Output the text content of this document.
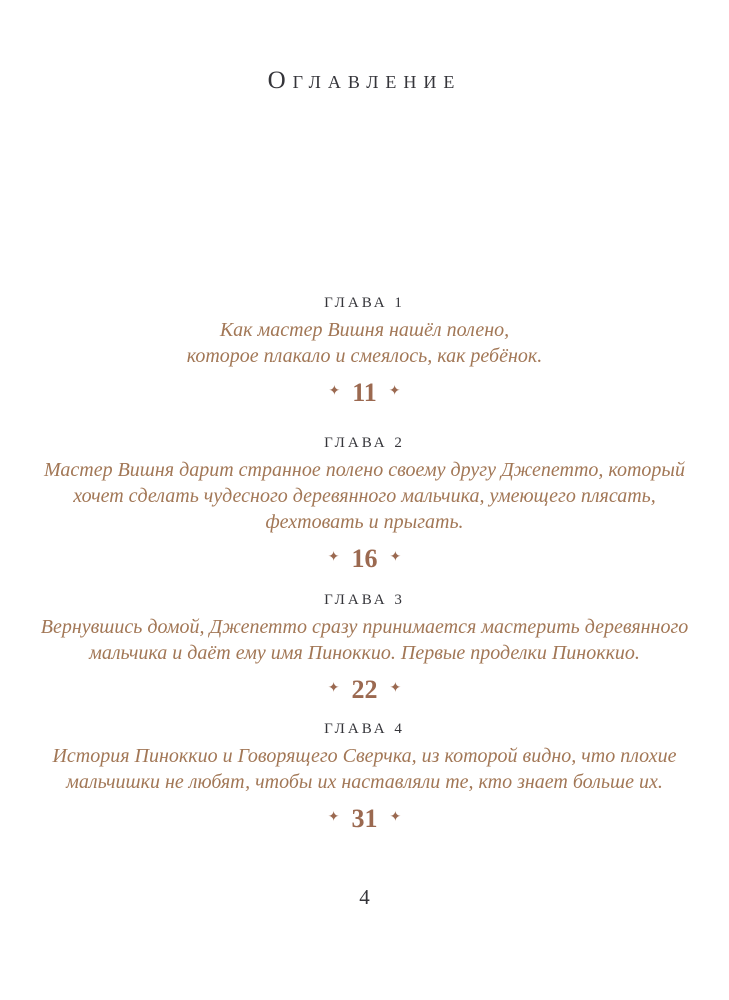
Оглавление
ГЛАВА 1
Как мастер Вишня нашёл полено,
которое плакало и смеялось, как ребёнок.
✦ 11 ✦
ГЛАВА 2
Мастер Вишня дарит странное полено своему другу Джепетто, который
хочет сделать чудесного деревянного мальчика, умеющего плясать,
фехтовать и прыгать.
✦ 16 ✦
ГЛАВА 3
Вернувшись домой, Джепетто сразу принимается мастерить деревянного
мальчика и даёт ему имя Пиноккио. Первые проделки Пиноккио.
✦ 22 ✦
ГЛАВА 4
История Пиноккио и Говорящего Сверчка, из которой видно, что плохие
мальчишки не любят, чтобы их наставляли те, кто знает больше их.
✦ 31 ✦
4
